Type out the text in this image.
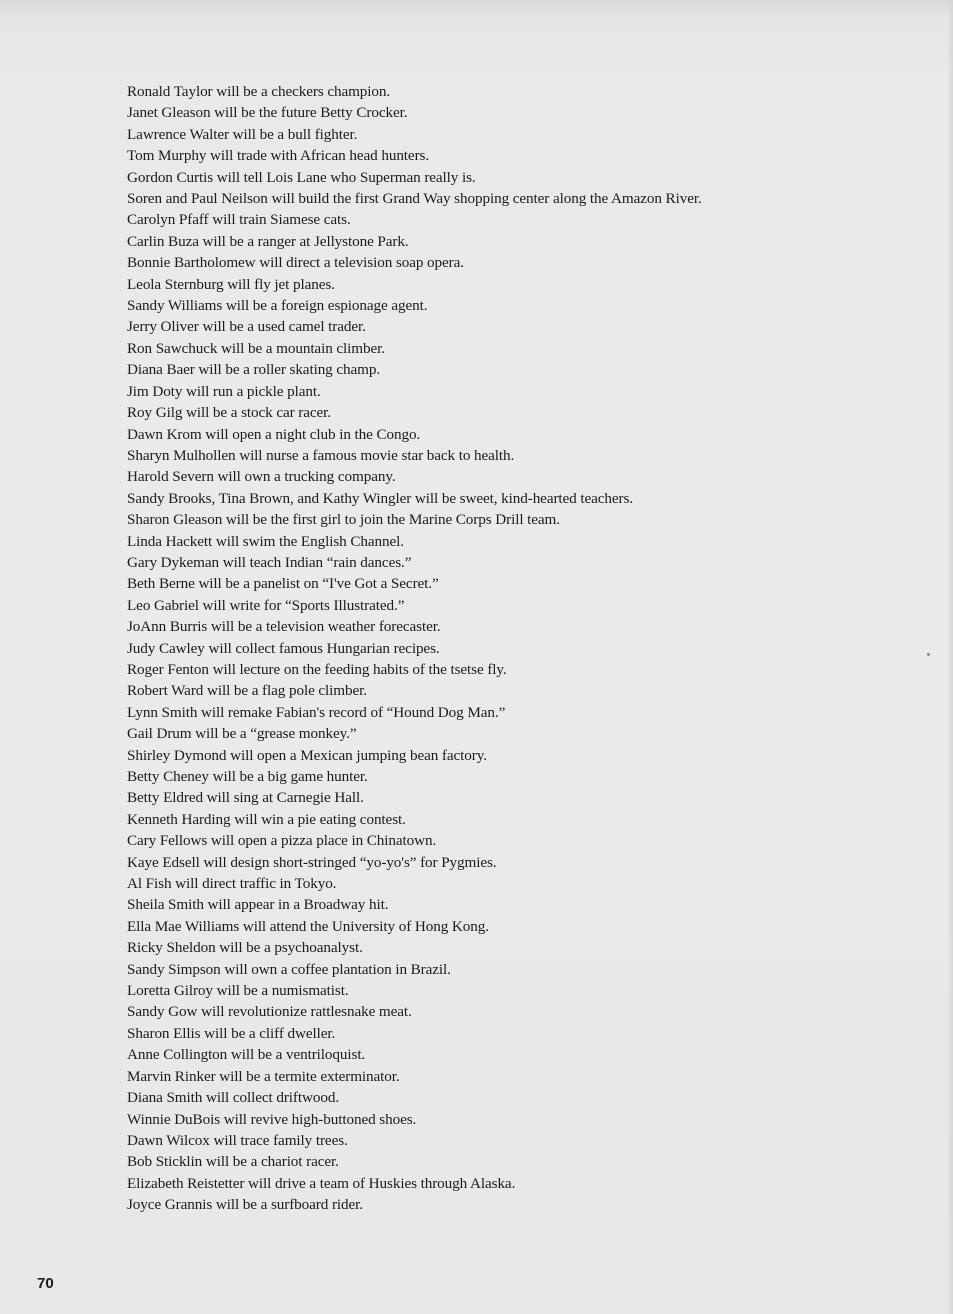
Ronald Taylor will be a checkers champion.
Janet Gleason will be the future Betty Crocker.
Lawrence Walter will be a bull fighter.
Tom Murphy will trade with African head hunters.
Gordon Curtis will tell Lois Lane who Superman really is.
Soren and Paul Neilson will build the first Grand Way shopping center along the Amazon River.
Carolyn Pfaff will train Siamese cats.
Carlin Buza will be a ranger at Jellystone Park.
Bonnie Bartholomew will direct a television soap opera.
Leola Sternburg will fly jet planes.
Sandy Williams will be a foreign espionage agent.
Jerry Oliver will be a used camel trader.
Ron Sawchuck will be a mountain climber.
Diana Baer will be a roller skating champ.
Jim Doty will run a pickle plant.
Roy Gilg will be a stock car racer.
Dawn Krom will open a night club in the Congo.
Sharyn Mulhollen will nurse a famous movie star back to health.
Harold Severn will own a trucking company.
Sandy Brooks, Tina Brown, and Kathy Wingler will be sweet, kind-hearted teachers.
Sharon Gleason will be the first girl to join the Marine Corps Drill team.
Linda Hackett will swim the English Channel.
Gary Dykeman will teach Indian “rain dances.”
Beth Berne will be a panelist on “I've Got a Secret.”
Leo Gabriel will write for “Sports Illustrated.”
JoAnn Burris will be a television weather forecaster.
Judy Cawley will collect famous Hungarian recipes.
Roger Fenton will lecture on the feeding habits of the tsetse fly.
Robert Ward will be a flag pole climber.
Lynn Smith will remake Fabian's record of “Hound Dog Man.”
Gail Drum will be a “grease monkey.”
Shirley Dymond will open a Mexican jumping bean factory.
Betty Cheney will be a big game hunter.
Betty Eldred will sing at Carnegie Hall.
Kenneth Harding will win a pie eating contest.
Cary Fellows will open a pizza place in Chinatown.
Kaye Edsell will design short-stringed “yo-yo's” for Pygmies.
Al Fish will direct traffic in Tokyo.
Sheila Smith will appear in a Broadway hit.
Ella Mae Williams will attend the University of Hong Kong.
Ricky Sheldon will be a psychoanalyst.
Sandy Simpson will own a coffee plantation in Brazil.
Loretta Gilroy will be a numismatist.
Sandy Gow will revolutionize rattlesnake meat.
Sharon Ellis will be a cliff dweller.
Anne Collington will be a ventriloquist.
Marvin Rinker will be a termite exterminator.
Diana Smith will collect driftwood.
Winnie DuBois will revive high-buttoned shoes.
Dawn Wilcox will trace family trees.
Bob Sticklin will be a chariot racer.
Elizabeth Reistetter will drive a team of Huskies through Alaska.
Joyce Grannis will be a surfboard rider.
70
